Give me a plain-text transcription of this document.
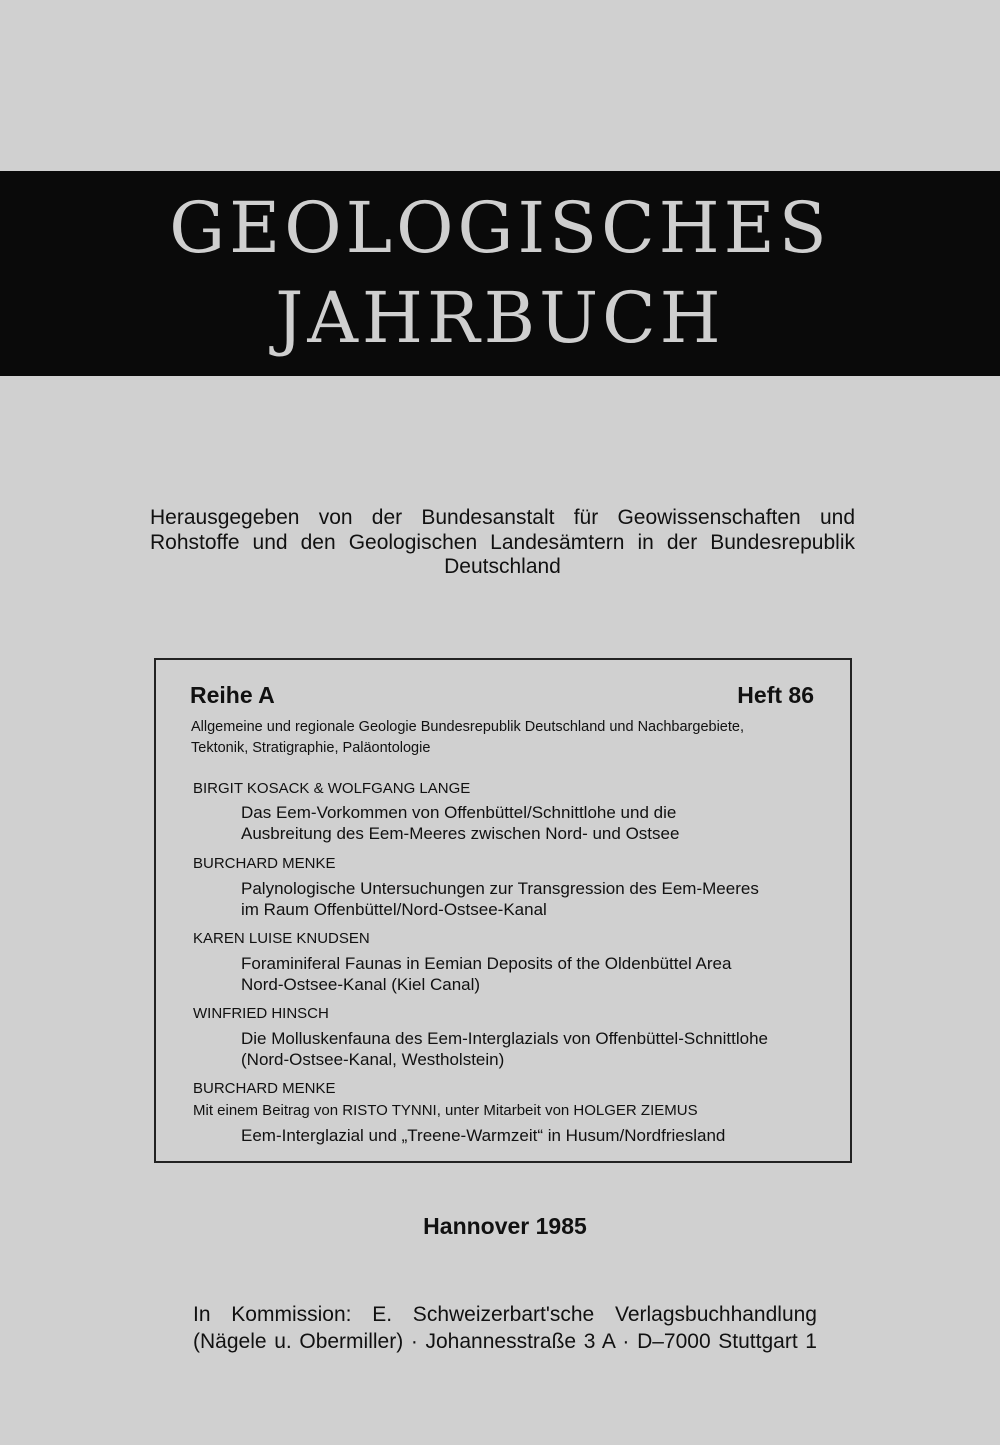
GEOLOGISCHES
JAHRBUCH
Herausgegeben von der Bundesanstalt für Geowissenschaften und
Rohstoffe und den Geologischen Landesämtern in der Bundesrepublik
Deutschland
Reihe A	Heft 86
Allgemeine und regionale Geologie Bundesrepublik Deutschland und Nachbargebiete,
Tektonik, Stratigraphie, Paläontologie
BIRGIT KOSACK & WOLFGANG LANGE
Das Eem-Vorkommen von Offenbüttel/Schnittlohe und die
Ausbreitung des Eem-Meeres zwischen Nord- und Ostsee
BURCHARD MENKE
Palynologische Untersuchungen zur Transgression des Eem-Meeres
im Raum Offenbüttel/Nord-Ostsee-Kanal
KAREN LUISE KNUDSEN
Foraminiferal Faunas in Eemian Deposits of the Oldenbüttel Area
Nord-Ostsee-Kanal (Kiel Canal)
WINFRIED HINSCH
Die Molluskenfauna des Eem-Interglazials von Offenbüttel-Schnittlohe
(Nord-Ostsee-Kanal, Westholstein)
BURCHARD MENKE
Mit einem Beitrag von RISTO TYNNI, unter Mitarbeit von HOLGER ZIEMUS
Eem-Interglazial und „Treene-Warmzeit“ in Husum/Nordfriesland
Hannover 1985
In Kommission: E. Schweizerbart'sche Verlagsbuchhandlung
(Nägele u. Obermiller) · Johannesstraße 3 A · D–7000 Stuttgart 1
